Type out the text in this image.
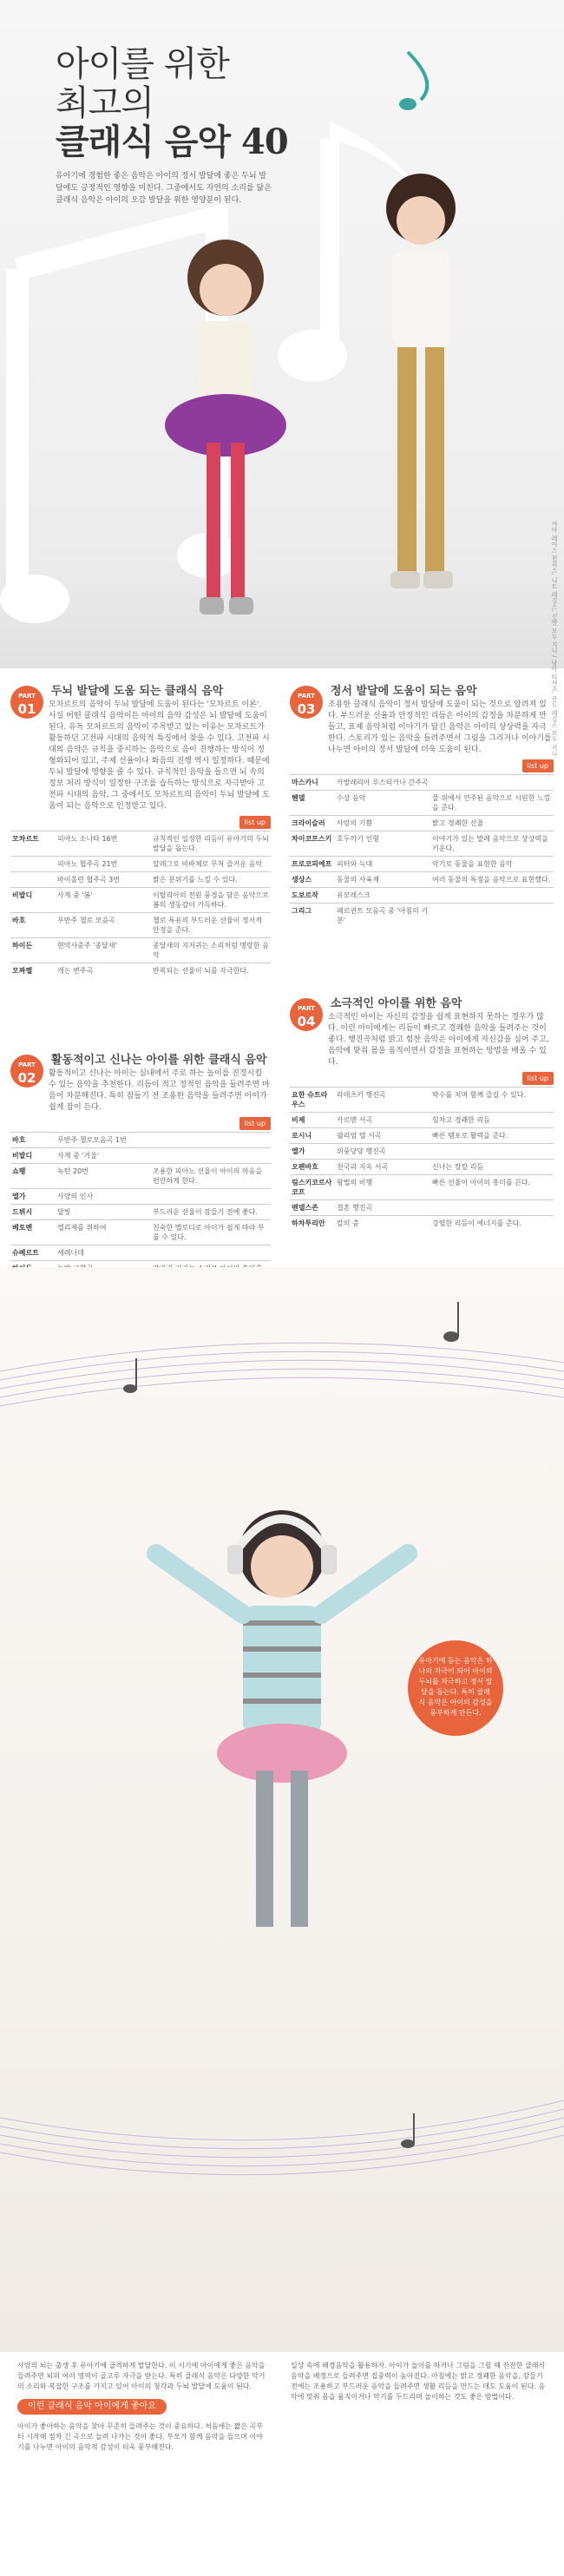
아이를 위한
최고의
클래식 음악 40
유아기에 경험한 좋은 음악은 아이의 정서 발달에 좋은 두뇌 발달에도 긍정적인 영향을 미친다. 그중에서도 자연의 소리를 닮은 클래식 음악은 아이의 오감 발달을 위한 영양분이 된다.
여아 레이스 원피스, 니트 레깅스, 신발 모두 지니 / 남아 티셔츠, 골드 레깅스 모두 지니
PART
01
두뇌 발달에 도움 되는 클래식 음악
모차르트의 음악이 두뇌 발달에 도움이 된다는 '모차르트 이론'. 사실 어떤 클래식 음악이든 아이의 음악 감성은 뇌 발달에 도움이 된다. 유독 모차르트의 음악이 주목받고 있는 이유는 모차르트가 활동하던 고전파 시대의 음악적 특징에서 찾을 수 있다. 고전파 시대의 음악은 규칙을 중시하는 음악으로 음이 진행하는 방식이 정형화되어 있고, 주제 선율이나 화음의 진행 역시 일정하다. 때문에 두뇌 발달에 영향을 줄 수 있다. 규칙적인 음악을 들으면 뇌 속의 정보 처리 방식이 일정한 구조를 습득하는 방식으로 자극받아 고전파 시대의 음악, 그 중에서도 모차르트의 음악이 두뇌 발달에 도움이 되는 음악으로 인정받고 있다.
list up
모차르트	피아노 소나타 16번	규칙적인 일정한 리듬이 유아기의 두뇌 발달을 돕는다.
	피아노 협주곡 21번	알레그로 비바체로 무척 즐거운 음악
	바이올린 협주곡 3번	밝은 분위기를 느낄 수 있다.
비발디	사계 중 '봄'	이탈리아의 전원 풍경을 담은 음악으로 봄의 생동감이 가득하다.
바흐	무반주 첼로 모음곡	첼로 특유의 부드러운 선율이 정서적 안정을 준다.
하이든	현악사중주 '종달새'	종달새의 지저귀는 소리처럼 명랑한 음악
모짜렐	캐논 변주곡	반복되는 선율이 뇌를 자극한다.
PART
02
활동적이고 신나는 아이를 위한 클래식 음악
활동적이고 신나는 아이는 실내에서 주로 하는 놀이를 진정시킬 수 있는 음악을 추천한다. 리듬이 적고 정적인 음악을 들려주면 마음이 차분해진다. 특히 잠들기 전 조용한 음악을 들려주면 아이가 쉽게 잠이 든다.
list up
바흐	무반주 첼로모음곡 1번	
비발디	사계 중 '겨울'	
쇼팽	녹턴 20번	조용한 피아노 선율이 아이의 마음을 편안하게 한다.
엘가	사랑의 인사	
드뷔시	달빛	부드러운 선율이 잠들기 전에 좋다.
베토벤	엘리제를 위하여	친숙한 멜로디로 아이가 쉽게 따라 부를 수 있다.
슈베르트	세레나데	

PART
03
정서 발달에 도움이 되는 음악
조용한 클래식 음악이 정서 발달에 도움이 되는 것으로 알려져 있다. 부드러운 선율과 안정적인 리듬은 아이의 감정을 차분하게 만들고, 표제 음악처럼 이야기가 담긴 음악은 아이의 상상력을 자극한다. 스토리가 있는 음악을 들려주면서 그림을 그리거나 이야기를 나누면 아이의 정서 발달에 더욱 도움이 된다.
list up
마스카니	카발레리아 루스티카나 간주곡	
헨델	수상 음악	물 위에서 연주된 음악으로 시원한 느낌을 준다.
크라이슬러	사랑의 기쁨	밝고 경쾌한 선율
차이코프스키	호두까기 인형	이야기가 있는 발레 음악으로 상상력을 키운다.
프로코피예프	피터와 늑대	악기로 동물을 표현한 음악
생상스	동물의 사육제	여러 동물의 특징을 음악으로 표현했다.
도보르작	유모레스크	
그리그	페르귄트 모음곡 중 '아침의 기분'	
PART
04
소극적인 아이를 위한 음악
소극적인 아이는 자신의 감정을 쉽게 표현하지 못하는 경우가 많다. 이런 아이에게는 리듬이 빠르고 경쾌한 음악을 들려주는 것이 좋다. 행진곡처럼 밝고 힘찬 음악은 아이에게 자신감을 심어 주고, 음악에 맞춰 몸을 움직이면서 감정을 표현하는 방법을 배울 수 있다.
list up
요한 슈트라우스	라데츠키 행진곡	박수를 치며 함께 즐길 수 있다.
비제	카르멘 서곡	힘차고 경쾌한 리듬
로시니	윌리엄 텔 서곡	빠른 템포로 활력을 준다.
엘가	위풍당당 행진곡	
오펜바흐	천국과 지옥 서곡	신나는 캉캉 리듬
림스키코르사코프	왕벌의 비행	빠른 선율이 아이의 흥미를 끈다.
멘델스존	결혼 행진곡	
하차투리안	칼의 춤	강렬한 리듬이 에너지를 준다.
유아기에 듣는 음악은 하나의 자극이 되어 아이의 두뇌를 자극하고 정서 발달을 돕는다. 특히 클래식 음악은 아이의 감성을 풍부하게 만든다.
사람의 뇌는 출생 후 유아기에 급격하게 발달한다. 이 시기에 아이에게 좋은 음악을 들려주면 뇌의 여러 영역이 골고루 자극을 받는다. 특히 클래식 음악은 다양한 악기의 소리와 복잡한 구조를 가지고 있어 아이의 청각과 두뇌 발달에 도움이 된다.
이런 클래식 음악 아이에게 좋아요
아이가 좋아하는 음악을 찾아 꾸준히 들려주는 것이 중요하다. 처음에는 짧은 곡부터 시작해 점차 긴 곡으로 늘려 나가는 것이 좋다. 부모가 함께 음악을 들으며 이야기를 나누면 아이의 음악적 감성이 더욱 풍부해진다.
일상 속에 배경음악을 활용하자. 아이가 놀이를 하거나 그림을 그릴 때 잔잔한 클래식 음악을 배경으로 들려주면 집중력이 높아진다. 아침에는 밝고 경쾌한 음악을, 잠들기 전에는 조용하고 부드러운 음악을 들려주면 생활 리듬을 만드는 데도 도움이 된다. 음악에 맞춰 몸을 움직이거나 악기를 두드리며 놀이하는 것도 좋은 방법이다.
